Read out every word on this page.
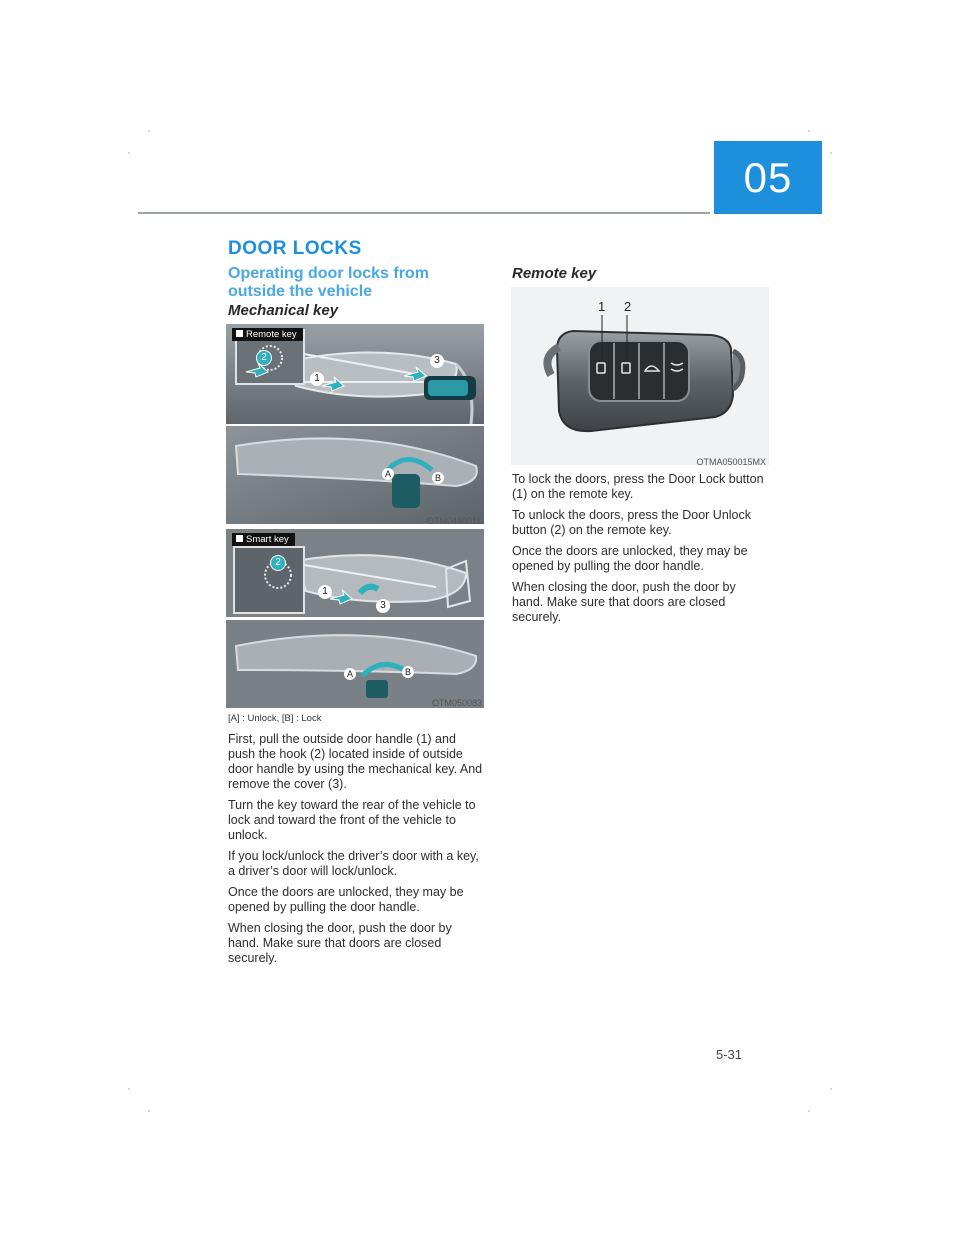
05
DOOR LOCKS
Operating door locks from outside the vehicle
Mechanical key
Remote key
2
1
3
A	B
OTM048001L
Smart key
2
1
3
A	B
OTM050083
[A] : Unlock, [B] : Lock

First, pull the outside door handle (1) and push the hook (2) located inside of outside door handle by using the mechanical key. And remove the cover (3).

Turn the key toward the rear of the vehicle to lock and toward the front of the vehicle to unlock.

If you lock/unlock the driver’s door with a key, a driver’s door will lock/unlock.

Once the doors are unlocked, they may be opened by pulling the door handle.

When closing the door, push the door by hand. Make sure that doors are closed securely.

Remote key
1 2
OTMA050015MX

To lock the doors, press the Door Lock button (1) on the remote key.

To unlock the doors, press the Door Unlock button (2) on the remote key.

Once the doors are unlocked, they may be opened by pulling the door handle.

When closing the door, push the door by hand. Make sure that doors are closed securely.

5-31
